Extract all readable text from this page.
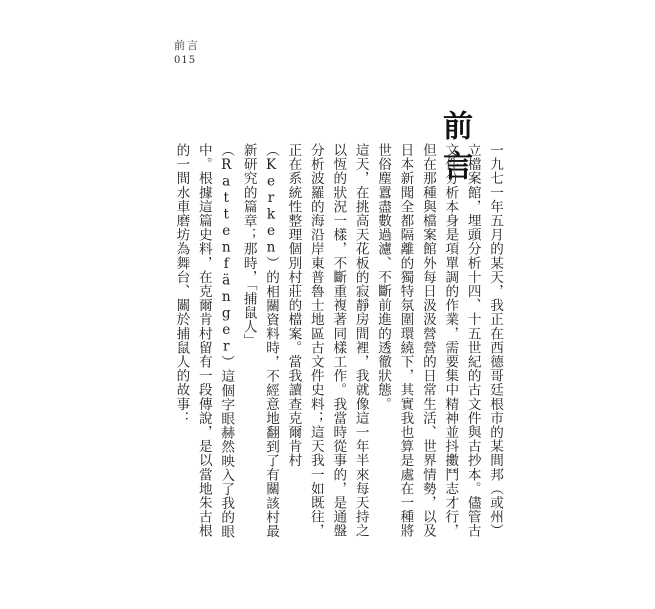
前言
015
前言	一九七一年五月的某天，我正在西德哥廷根市的某間邦（或州）立檔案館，埋頭分析十四、十五世紀的古文件與古抄本。儘管古文件分析本身是項單調的作業，需要集中精神並抖擻鬥志才行，但在那種與檔案館外每日汲汲營營的日常生活、世界情勢，以及日本新聞全都隔離的獨特氛圍環繞下，其實我也算是處在一種將世俗塵囂盡數過濾、不斷前進的透徹狀態。

這天，在挑高天花板的寂靜房間裡，我就像這一年半來每天持之以恆的狀況一樣，不斷重複著同樣工作。我當時從事的，是通盤分析波羅的海沿岸東普魯士地區古文件史料；這天我一如既往，正在系統性整理個別村莊的檔案。當我讀查克爾肯村（Kerken）的相關資料時，不經意地翻到了有關該村最新研究的篇章；那時，「捕鼠人」（Rattenfänger）這個字眼赫然映入了我的眼中。根據這篇史料，在克爾肯村留有一段傳說，是以當地朱古根的一間水車磨坊為舞台、關於捕鼠人的故事：
